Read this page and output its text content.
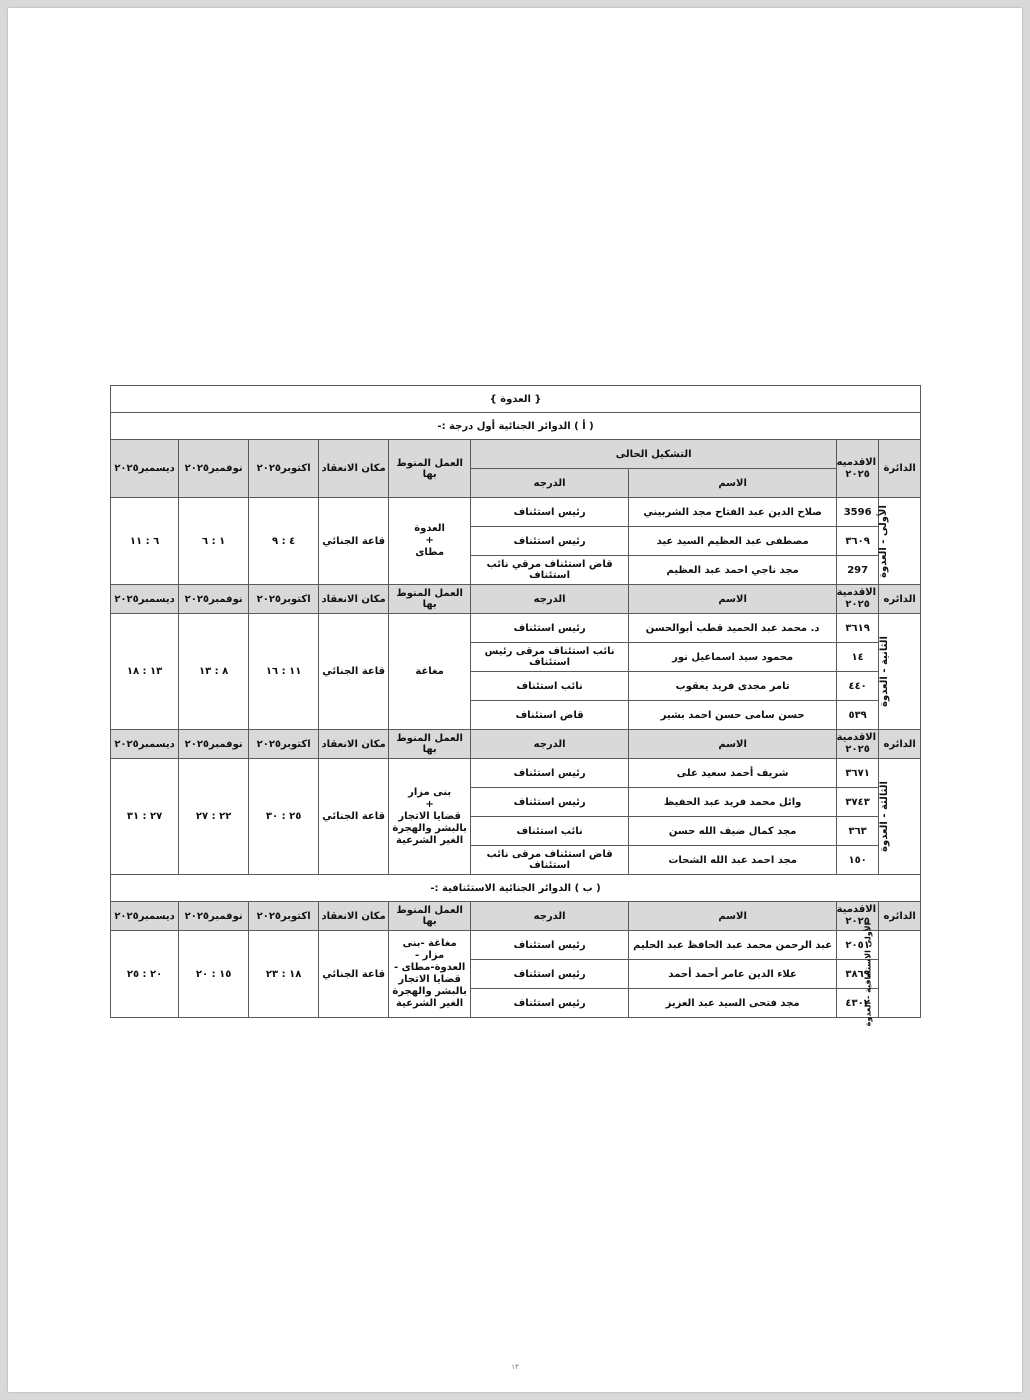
{ العدوة }								
( أ ) الدوائر الجنائية أول درجة :-								
الدائرة	الاقدميه ٢٠٢٥	التشكيل الحالى		العمل المنوط بها	مكان الانعقاد	اكتوبر٢٠٢٥	نوفمبر٢٠٢٥	ديسمبر٢٠٢٥
		الاسم	الدرجه					
الأولى - العدوة	3596	صلاح الدين عبد الفتاح مجد الشربيني	رئيس استئناف	العدوة
+
مطاى	قاعة الجنائي	٤ : ٩	١ : ٦	٦ : ١١
	٣٦٠٩	مصطفى عبد العظيم السيد عيد	رئيس استئناف					
	297	مجد ناجي احمد عبد العظيم	قاض استئناف مرقي نائب استئناف					
الدائره	الاقدمية ٢٠٢٥	الاسم	الدرجه	العمل المنوط بها	مكان الانعقاد	اكتوبر٢٠٢٥	نوفمبر٢٠٢٥	ديسمبر٢٠٢٥
الثانية - العدوة	٣٦١٩	د. محمد عبد الحميد قطب أبوالحسن	رئيس استئناف	مغاغة	قاعة الجنائي	١١ : ١٦	٨ : ١٣	١٣ : ١٨
	١٤	محمود سيد اسماعيل نور	نائب استئناف مرقى رئيس استئناف					
	٤٤٠	تامر مجدى فريد يعقوب	نائب استئناف					
	٥٣٩	حسن سامى حسن احمد بشير	قاض استئناف					
الدائره	الاقدمية ٢٠٢٥	الاسم	الدرجه	العمل المنوط بها	مكان الانعقاد	اكتوبر٢٠٢٥	نوفمبر٢٠٢٥	ديسمبر٢٠٢٥
الثالثة - العدوة	٣٦٧١	شريف أحمد سعيد على	رئيس استئناف	بنى مزار
+
قضايا الاتجار
بالبشر والهجرة
الغير الشرعية	قاعة الجنائي	٢٥ : ٣٠	٢٢ : ٢٧	٢٧ : ٣١
	٣٧٤٣	وائل محمد فريد عبد الحفيظ	رئيس استئناف					
	٣٦٣	مجد كمال ضيف الله حسن	نائب استئناف					
	١٥٠	مجد احمد عبد الله الشحات	قاض استئناف مرقى نائب استئناف					
( ب ) الدوائر الجنائية الاستئنافية :-								
الدائره	الاقدمية ٢٠٢٥	الاسم	الدرجه	العمل المنوط بها	مكان الانعقاد	اكتوبر٢٠٢٥	نوفمبر٢٠٢٥	ديسمبر٢٠٢٥
الأولى الاستئنافية - العدوة	٢٠٥١	عبد الرحمن محمد عبد الحافظ عبد الحليم	رئيس استئناف	مغاغة -بنى مزار -
العدوة-مطاى -
قضايا الاتجار
بالبشر والهجرة
الغير الشرعية	قاعة الجنائي	١٨ : ٢٣	١٥ : ٢٠	٢٠ : ٢٥
	٣٨٦٩	علاء الدين عامر أحمد أحمد	رئيس استئناف					
	٤٣٠٢	مجد فتحى السيد عبد العزيز	رئيس استئناف					
١٣
